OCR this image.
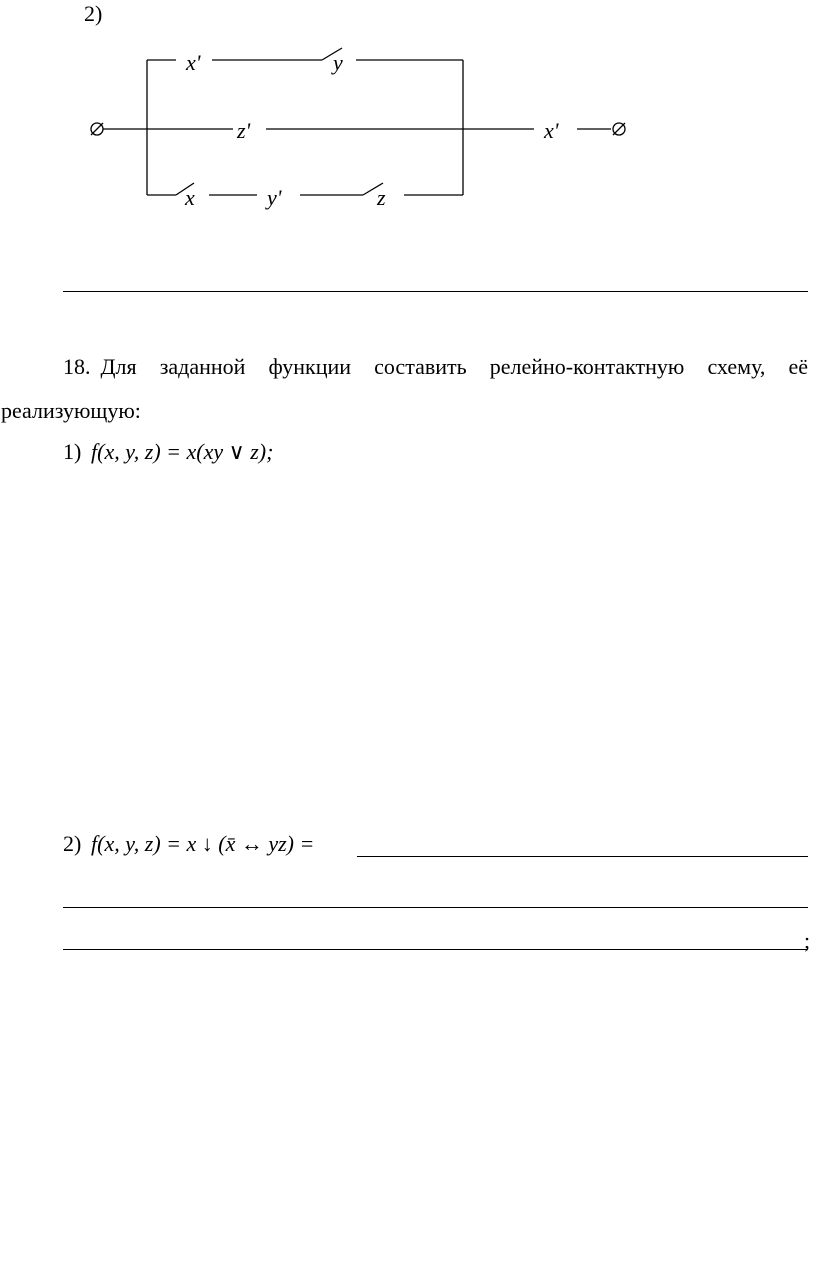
2)
x'	y
z'	x'
x	y'	z
18. Для заданной функции составить релейно-контактную схему, её
реализующую:
1) f(x, y, z) = x(xy ∨ z);
2) f(x, y, z) = x ↓ (x̄ ↔ yz) =
;
